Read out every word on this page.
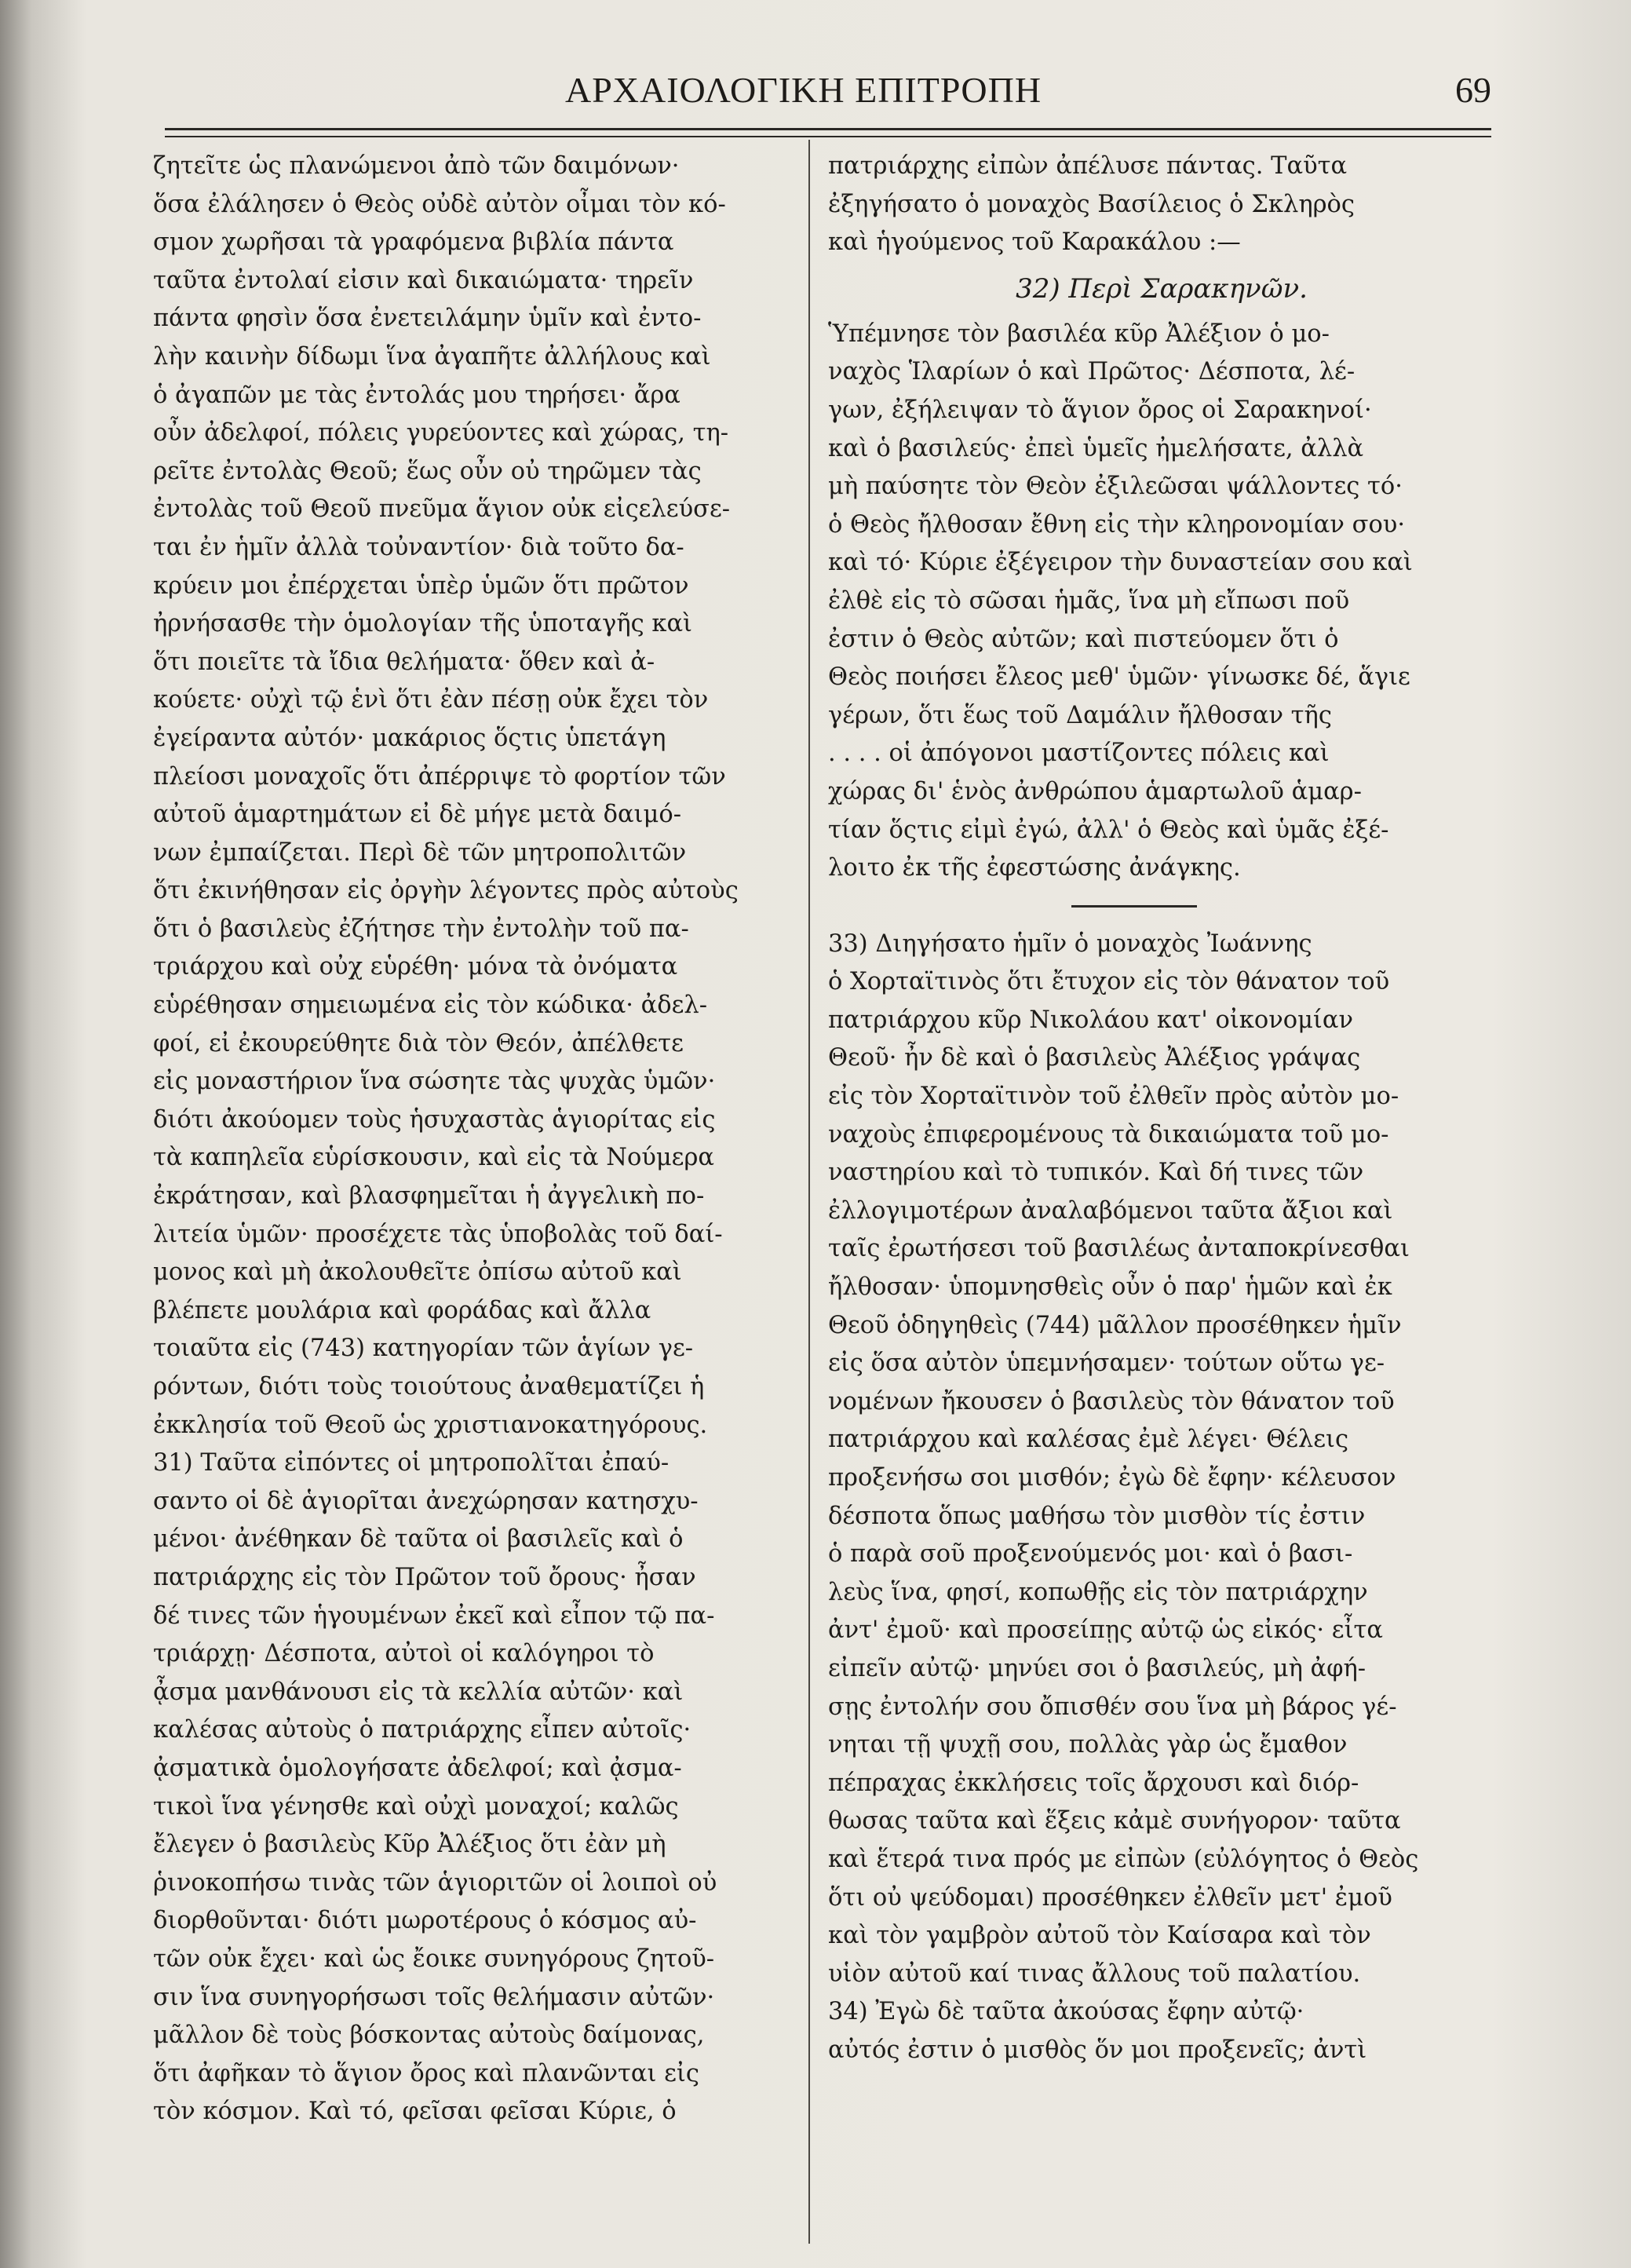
ΑΡΧΑΙΟΛΟΓΙΚΗ ΕΠΙΤΡΟΠΗ	69
ζητεῖτε ὡς πλανώμενοι ἀπὸ τῶν δαιμόνων·
ὅσα ἐλάλησεν ὁ Θεὸς οὐδὲ αὐτὸν οἶμαι τὸν κό-
σμον χωρῆσαι τὰ γραφόμενα βιβλία πάντα
ταῦτα ἐντολαί εἰσιν καὶ δικαιώματα· τηρεῖν
πάντα φησὶν ὅσα ἐνετειλάμην ὑμῖν καὶ ἐντο-
λὴν καινὴν δίδωμι ἵνα ἀγαπῆτε ἀλλήλους καὶ
ὁ ἀγαπῶν με τὰς ἐντολάς μου τηρήσει· ἄρα
οὖν ἀδελφοί, πόλεις γυρεύοντες καὶ χώρας, τη-
ρεῖτε ἐντολὰς Θεοῦ; ἕως οὖν οὐ τηρῶμεν τὰς
ἐντολὰς τοῦ Θεοῦ πνεῦμα ἅγιον οὐκ εἰςελεύσε-
ται ἐν ἡμῖν ἀλλὰ τοὐναντίον· διὰ τοῦτο δα-
κρύειν μοι ἐπέρχεται ὑπὲρ ὑμῶν ὅτι πρῶτον
ἠρνήσασθε τὴν ὁμολογίαν τῆς ὑποταγῆς καὶ
ὅτι ποιεῖτε τὰ ἴδια θελήματα· ὅθεν καὶ ἀ-
κούετε· οὐχὶ τῷ ἑνὶ ὅτι ἐὰν πέσῃ οὐκ ἔχει τὸν
ἐγείραντα αὐτόν· μακάριος ὅςτις ὑπετάγη
πλείοσι μοναχοῖς ὅτι ἀπέρριψε τὸ φορτίον τῶν
αὐτοῦ ἁμαρτημάτων εἰ δὲ μήγε μετὰ δαιμό-
νων ἐμπαίζεται. Περὶ δὲ τῶν μητροπολιτῶν
ὅτι ἐκινήθησαν εἰς ὀργὴν λέγοντες πρὸς αὐτοὺς
ὅτι ὁ βασιλεὺς ἐζήτησε τὴν ἐντολὴν τοῦ πα-
τριάρχου καὶ οὐχ εὑρέθη· μόνα τὰ ὀνόματα
εὑρέθησαν σημειωμένα εἰς τὸν κώδικα· ἀδελ-
φοί, εἰ ἐκουρεύθητε διὰ τὸν Θεόν, ἀπέλθετε
εἰς μοναστήριον ἵνα σώσητε τὰς ψυχὰς ὑμῶν·
διότι ἀκούομεν τοὺς ἡσυχαστὰς ἁγιορίτας εἰς
τὰ καπηλεῖα εὑρίσκουσιν, καὶ εἰς τὰ Νούμερα
ἐκράτησαν, καὶ βλασφημεῖται ἡ ἀγγελικὴ πο-
λιτεία ὑμῶν· προσέχετε τὰς ὑποβολὰς τοῦ δαί-
μονος καὶ μὴ ἀκολουθεῖτε ὀπίσω αὐτοῦ καὶ
βλέπετε μουλάρια καὶ φοράδας καὶ ἄλλα
τοιαῦτα εἰς (743) κατηγορίαν τῶν ἁγίων γε-
ρόντων, διότι τοὺς τοιούτους ἀναθεματίζει ἡ
ἐκκλησία τοῦ Θεοῦ ὡς χριστιανοκατηγόρους.
31) Ταῦτα εἰπόντες οἱ μητροπολῖται ἐπαύ-
σαντο οἱ δὲ ἁγιορῖται ἀνεχώρησαν κατησχυ-
μένοι· ἀνέθηκαν δὲ ταῦτα οἱ βασιλεῖς καὶ ὁ
πατριάρχης εἰς τὸν Πρῶτον τοῦ ὄρους· ἦσαν
δέ τινες τῶν ἡγουμένων ἐκεῖ καὶ εἶπον τῷ πα-
τριάρχῃ· Δέσποτα, αὐτοὶ οἱ καλόγηροι τὸ
ᾆσμα μανθάνουσι εἰς τὰ κελλία αὐτῶν· καὶ
καλέσας αὐτοὺς ὁ πατριάρχης εἶπεν αὐτοῖς·
ᾀσματικὰ ὁμολογήσατε ἀδελφοί; καὶ ᾀσμα-
τικοὶ ἵνα γένησθε καὶ οὐχὶ μοναχοί; καλῶς
ἔλεγεν ὁ βασιλεὺς Κῦρ Ἀλέξιος ὅτι ἐὰν μὴ
ῥινοκοπήσω τινὰς τῶν ἁγιοριτῶν οἱ λοιποὶ οὐ
διορθοῦνται· διότι μωροτέρους ὁ κόσμος αὐ-
τῶν οὐκ ἔχει· καὶ ὡς ἔοικε συνηγόρους ζητοῦ-
σιν ἵνα συνηγορήσωσι τοῖς θελήμασιν αὐτῶν·
μᾶλλον δὲ τοὺς βόσκοντας αὐτοὺς δαίμονας,
ὅτι ἀφῆκαν τὸ ἅγιον ὄρος καὶ πλανῶνται εἰς
τὸν κόσμον. Καὶ τό, φεῖσαι φεῖσαι Κύριε, ὁ
πατριάρχης εἰπὼν ἀπέλυσε πάντας. Ταῦτα
ἐξηγήσατο ὁ μοναχὸς Βασίλειος ὁ Σκληρὸς
καὶ ἡγούμενος τοῦ Καρακάλου :—
32) Περὶ Σαρακηνῶν.
Ὑπέμνησε τὸν βασιλέα κῦρ Ἀλέξιον ὁ μο-
ναχὸς Ἱλαρίων ὁ καὶ Πρῶτος· Δέσποτα, λέ-
γων, ἐξήλειψαν τὸ ἅγιον ὄρος οἱ Σαρακηνοί·
καὶ ὁ βασιλεύς· ἐπεὶ ὑμεῖς ἠμελήσατε, ἀλλὰ
μὴ παύσητε τὸν Θεὸν ἐξιλεῶσαι ψάλλοντες τό·
ὁ Θεὸς ἤλθοσαν ἔθνη εἰς τὴν κληρονομίαν σου·
καὶ τό· Κύριε ἐξέγειρον τὴν δυναστείαν σου καὶ
ἐλθὲ εἰς τὸ σῶσαι ἡμᾶς, ἵνα μὴ εἴπωσι ποῦ
ἐστιν ὁ Θεὸς αὐτῶν; καὶ πιστεύομεν ὅτι ὁ
Θεὸς ποιήσει ἔλεος μεθ' ὑμῶν· γίνωσκε δέ, ἅγιε
γέρων, ὅτι ἕως τοῦ Δαμάλιν ἤλθοσαν τῆς
. . . . οἱ ἀπόγονοι μαστίζοντες πόλεις καὶ
χώρας δι' ἑνὸς ἀνθρώπου ἁμαρτωλοῦ ἁμαρ-
τίαν ὅςτις εἰμὶ ἐγώ, ἀλλ' ὁ Θεὸς καὶ ὑμᾶς ἐξέ-
λοιτο ἐκ τῆς ἐφεστώσης ἀνάγκης.
33) Διηγήσατο ἡμῖν ὁ μοναχὸς Ἰωάννης
ὁ Χορταϊτινὸς ὅτι ἔτυχον εἰς τὸν θάνατον τοῦ
πατριάρχου κῦρ Νικολάου κατ' οἰκονομίαν
Θεοῦ· ἦν δὲ καὶ ὁ βασιλεὺς Ἀλέξιος γράψας
εἰς τὸν Χορταϊτινὸν τοῦ ἐλθεῖν πρὸς αὐτὸν μο-
ναχοὺς ἐπιφερομένους τὰ δικαιώματα τοῦ μο-
ναστηρίου καὶ τὸ τυπικόν. Καὶ δή τινες τῶν
ἐλλογιμοτέρων ἀναλαβόμενοι ταῦτα ἄξιοι καὶ
ταῖς ἐρωτήσεσι τοῦ βασιλέως ἀνταποκρίνεσθαι
ἤλθοσαν· ὑπομνησθεὶς οὖν ὁ παρ' ἡμῶν καὶ ἐκ
Θεοῦ ὁδηγηθεὶς (744) μᾶλλον προσέθηκεν ἡμῖν
εἰς ὅσα αὐτὸν ὑπεμνήσαμεν· τούτων οὕτω γε-
νομένων ἤκουσεν ὁ βασιλεὺς τὸν θάνατον τοῦ
πατριάρχου καὶ καλέσας ἐμὲ λέγει· Θέλεις
προξενήσω σοι μισθόν; ἐγὼ δὲ ἔφην· κέλευσον
δέσποτα ὅπως μαθήσω τὸν μισθὸν τίς ἐστιν
ὁ παρὰ σοῦ προξενούμενός μοι· καὶ ὁ βασι-
λεὺς ἵνα, φησί, κοπωθῇς εἰς τὸν πατριάρχην
ἀντ' ἐμοῦ· καὶ προσείπῃς αὐτῷ ὡς εἰκός· εἶτα
εἰπεῖν αὐτῷ· μηνύει σοι ὁ βασιλεύς, μὴ ἀφή-
σῃς ἐντολήν σου ὄπισθέν σου ἵνα μὴ βάρος γέ-
νηται τῇ ψυχῇ σου, πολλὰς γὰρ ὡς ἔμαθον
πέπραχας ἐκκλήσεις τοῖς ἄρχουσι καὶ διόρ-
θωσας ταῦτα καὶ ἕξεις κἀμὲ συνήγορον· ταῦτα
καὶ ἕτερά τινα πρός με εἰπὼν (εὐλόγητος ὁ Θεὸς
ὅτι οὐ ψεύδομαι) προσέθηκεν ἐλθεῖν μετ' ἐμοῦ
καὶ τὸν γαμβρὸν αὐτοῦ τὸν Καίσαρα καὶ τὸν
υἱὸν αὐτοῦ καί τινας ἄλλους τοῦ παλατίου.
34) Ἐγὼ δὲ ταῦτα ἀκούσας ἔφην αὐτῷ·
αὐτός ἐστιν ὁ μισθὸς ὅν μοι προξενεῖς; ἀντὶ
